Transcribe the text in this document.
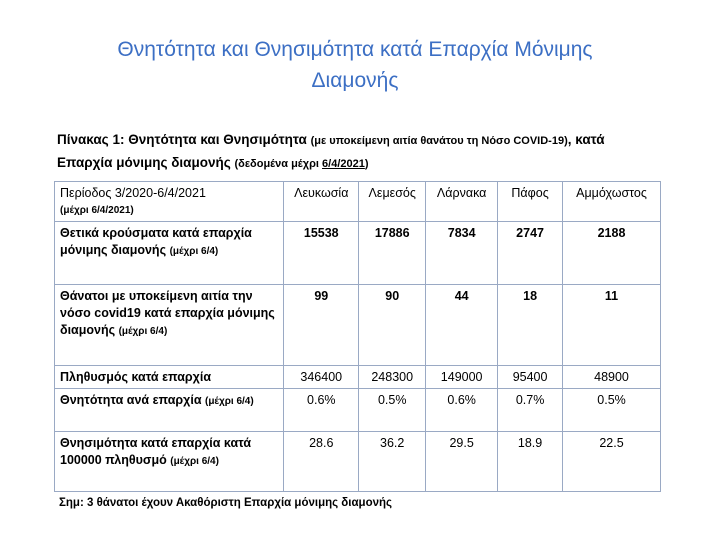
Θνητότητα και Θνησιμότητα κατά Επαρχία Μόνιμης
Διαμονής
Πίνακας 1: Θνητότητα και Θνησιμότητα (με υποκείμενη αιτία θανάτου τη Νόσο COVID-19), κατά
Επαρχία μόνιμης διαμονής (δεδομένα μέχρι 6/4/2021)
Περίοδος 3/2020-6/4/2021
(μέχρι 6/4/2021)	Λευκωσία	Λεμεσός	Λάρνακα	Πάφος	Αμμόχωστος
Θετικά κρούσματα κατά επαρχία μόνιμης διαμονής (μέχρι 6/4)	15538	17886	7834	2747	2188
Θάνατοι με υποκείμενη αιτία την νόσο covid19 κατά επαρχία μόνιμης διαμονής (μέχρι 6/4)	99	90	44	18	11
Πληθυσμός κατά επαρχία	346400	248300	149000	95400	48900
Θνητότητα ανά επαρχία (μέχρι 6/4)	0.6%	0.5%	0.6%	0.7%	0.5%
Θνησιμότητα κατά επαρχία κατά 100000 πληθυσμό (μέχρι 6/4)	28.6	36.2	29.5	18.9	22.5
Σημ: 3 θάνατοι έχουν Ακαθόριστη Επαρχία μόνιμης διαμονής
